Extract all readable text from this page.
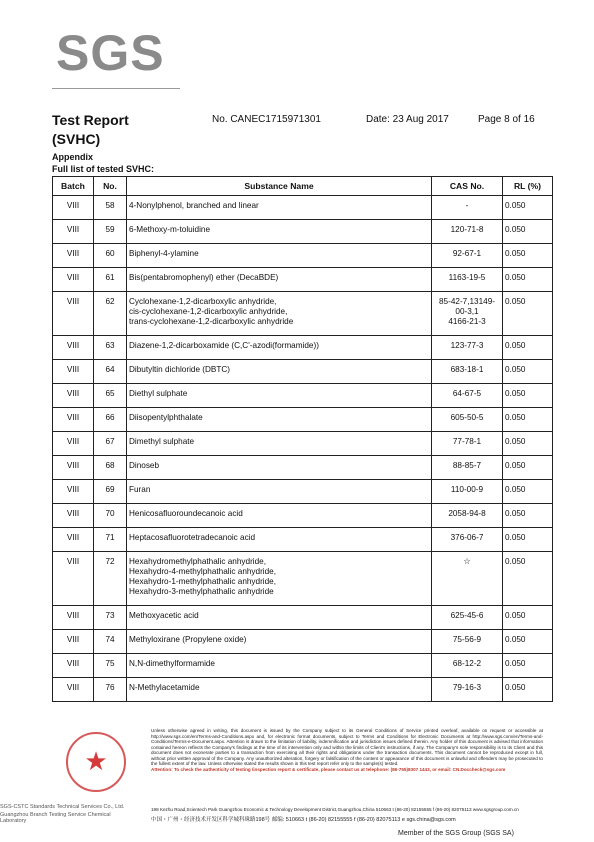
SGS
Test Report
(SVHC)
No. CANEC1715971301	Date: 23 Aug 2017	Page 8 of 16
Appendix
Full list of tested SVHC:
Batch	No.	Substance Name	CAS No.	RL (%)
VIII	58	4-Nonylphenol, branched and linear	-	0.050
VIII	59	6-Methoxy-m-toluidine	120-71-8	0.050
VIII	60	Biphenyl-4-ylamine	92-67-1	0.050
VIII	61	Bis(pentabromophenyl) ether (DecaBDE)	1163-19-5	0.050
VIII	62	Cyclohexane-1,2-dicarboxylic anhydride,
cis-cyclohexane-1,2-dicarboxylic anhydride,
trans-cyclohexane-1,2-dicarboxylic anhydride	85-42-7,13149-00-3,1
4166-21-3	0.050
VIII	63	Diazene-1,2-dicarboxamide (C,C'-azodi(formamide))	123-77-3	0.050
VIII	64	Dibutyltin dichloride (DBTC)	683-18-1	0.050
VIII	65	Diethyl sulphate	64-67-5	0.050
VIII	66	Diisopentylphthalate	605-50-5	0.050
VIII	67	Dimethyl sulphate	77-78-1	0.050
VIII	68	Dinoseb	88-85-7	0.050
VIII	69	Furan	110-00-9	0.050
VIII	70	Henicosafluoroundecanoic acid	2058-94-8	0.050
VIII	71	Heptacosafluorotetradecanoic acid	376-06-7	0.050
VIII	72	Hexahydromethylphathalic anhydride,
Hexahydro-4-methylphathalic anhydride,
Hexahydro-1-methylphathalic anhydride,
Hexahydro-3-methylphathalic anhydride	☆	0.050
VIII	73	Methoxyacetic acid	625-45-6	0.050
VIII	74	Methyloxirane (Propylene oxide)	75-56-9	0.050
VIII	75	N,N-dimethylformamide	68-12-2	0.050
VIII	76	N-Methylacetamide	79-16-3	0.050
★
SGS-CSTC Standards Technical Services Co., Ltd.
Guangzhou Branch Testing Service Chemical Laboratory
Unless otherwise agreed in writing, this document is issued by the Company subject to its General Conditions of Service printed overleaf, available on request or accessible at http://www.sgs.com/en/Terms-and-Conditions.aspx and, for electronic format documents, subject to Terms and Conditions for Electronic Documents at http://www.sgs.com/en/Terms-and-Conditions/Terms-e-Document.aspx. Attention is drawn to the limitation of liability, indemnification and jurisdiction issues defined therein. Any holder of this document is advised that information contained hereon reflects the Company's findings at the time of its intervention only and within the limits of Client's instructions, if any. The Company's sole responsibility is to its Client and this document does not exonerate parties to a transaction from exercising all their rights and obligations under the transaction documents. This document cannot be reproduced except in full, without prior written approval of the Company. Any unauthorized alteration, forgery or falsification of the content or appearance of this document is unlawful and offenders may be prosecuted to the fullest extent of the law. Unless otherwise stated the results shown in this test report refer only to the sample(s) tested.
Attention: To check the authenticity of testing /inspection report & certificate, please contact us at telephone: (86-755)8307 1443, or email: CN.Doccheck@sgs.com
198 Kezhu Road,Scientech Park Guangzhou Economic & Technology Development District,Guangzhou,China 510663 t (86-20) 82155555 f (86-20) 82075113 www.sgsgroup.com.cn
中国・广州・经济技术开发区科学城科珠路198号 邮编: 510663 t (86-20) 82155555 f (86-20) 82075113 e sgs.china@sgs.com
Member of the SGS Group (SGS SA)
